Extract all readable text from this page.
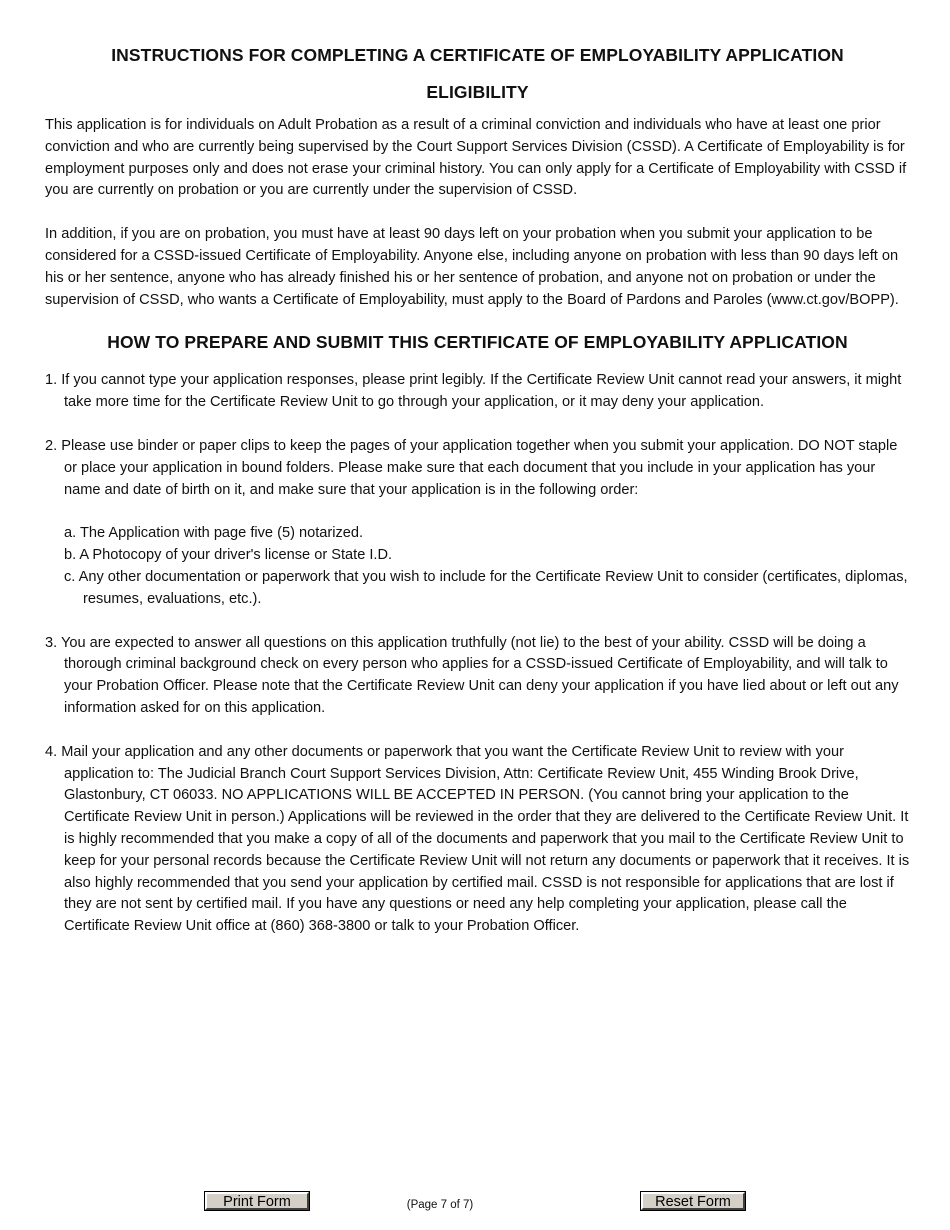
INSTRUCTIONS FOR COMPLETING A CERTIFICATE OF EMPLOYABILITY APPLICATION
ELIGIBILITY

This application is for individuals on Adult Probation as a result of a criminal conviction and individuals who have at least one prior conviction and who are currently being supervised by the Court Support Services Division (CSSD). A Certificate of Employability is for employment purposes only and does not erase your criminal history. You can only apply for a Certificate of Employability with CSSD if you are currently on probation or you are currently under the supervision of CSSD.

In addition, if you are on probation, you must have at least 90 days left on your probation when you submit your application to be considered for a CSSD-issued Certificate of Employability. Anyone else, including anyone on probation with less than 90 days left on his or her sentence, anyone who has already finished his or her sentence of probation, and anyone not on probation or under the supervision of CSSD, who wants a Certificate of Employability, must apply to the Board of Pardons and Paroles (www.ct.gov/BOPP).

HOW TO PREPARE AND SUBMIT THIS CERTIFICATE OF EMPLOYABILITY APPLICATION

1. If you cannot type your application responses, please print legibly. If the Certificate Review Unit cannot read your answers, it might take more time for the Certificate Review Unit to go through your application, or it may deny your application.

2. Please use binder or paper clips to keep the pages of your application together when you submit your application. DO NOT staple or place your application in bound folders. Please make sure that each document that you include in your application has your name and date of birth on it, and make sure that your application is in the following order:

a. The Application with page five (5) notarized.

b. A Photocopy of your driver's license or State I.D.

c. Any other documentation or paperwork that you wish to include for the Certificate Review Unit to consider (certificates, diplomas, resumes, evaluations, etc.).

3. You are expected to answer all questions on this application truthfully (not lie) to the best of your ability. CSSD will be doing a thorough criminal background check on every person who applies for a CSSD-issued Certificate of Employability, and will talk to your Probation Officer. Please note that the Certificate Review Unit can deny your application if you have lied about or left out any information asked for on this application.

4. Mail your application and any other documents or paperwork that you want the Certificate Review Unit to review with your application to: The Judicial Branch Court Support Services Division, Attn: Certificate Review Unit, 455 Winding Brook Drive, Glastonbury, CT 06033. NO APPLICATIONS WILL BE ACCEPTED IN PERSON. (You cannot bring your application to the Certificate Review Unit in person.) Applications will be reviewed in the order that they are delivered to the Certificate Review Unit. It is highly recommended that you make a copy of all of the documents and paperwork that you mail to the Certificate Review Unit to keep for your personal records because the Certificate Review Unit will not return any documents or paperwork that it receives. It is also highly recommended that you send your application by certified mail. CSSD is not responsible for applications that are lost if they are not sent by certified mail. If you have any questions or need any help completing your application, please call the Certificate Review Unit office at (860) 368-3800 or talk to your Probation Officer.

Print Form	(Page 7 of 7)	Reset Form
